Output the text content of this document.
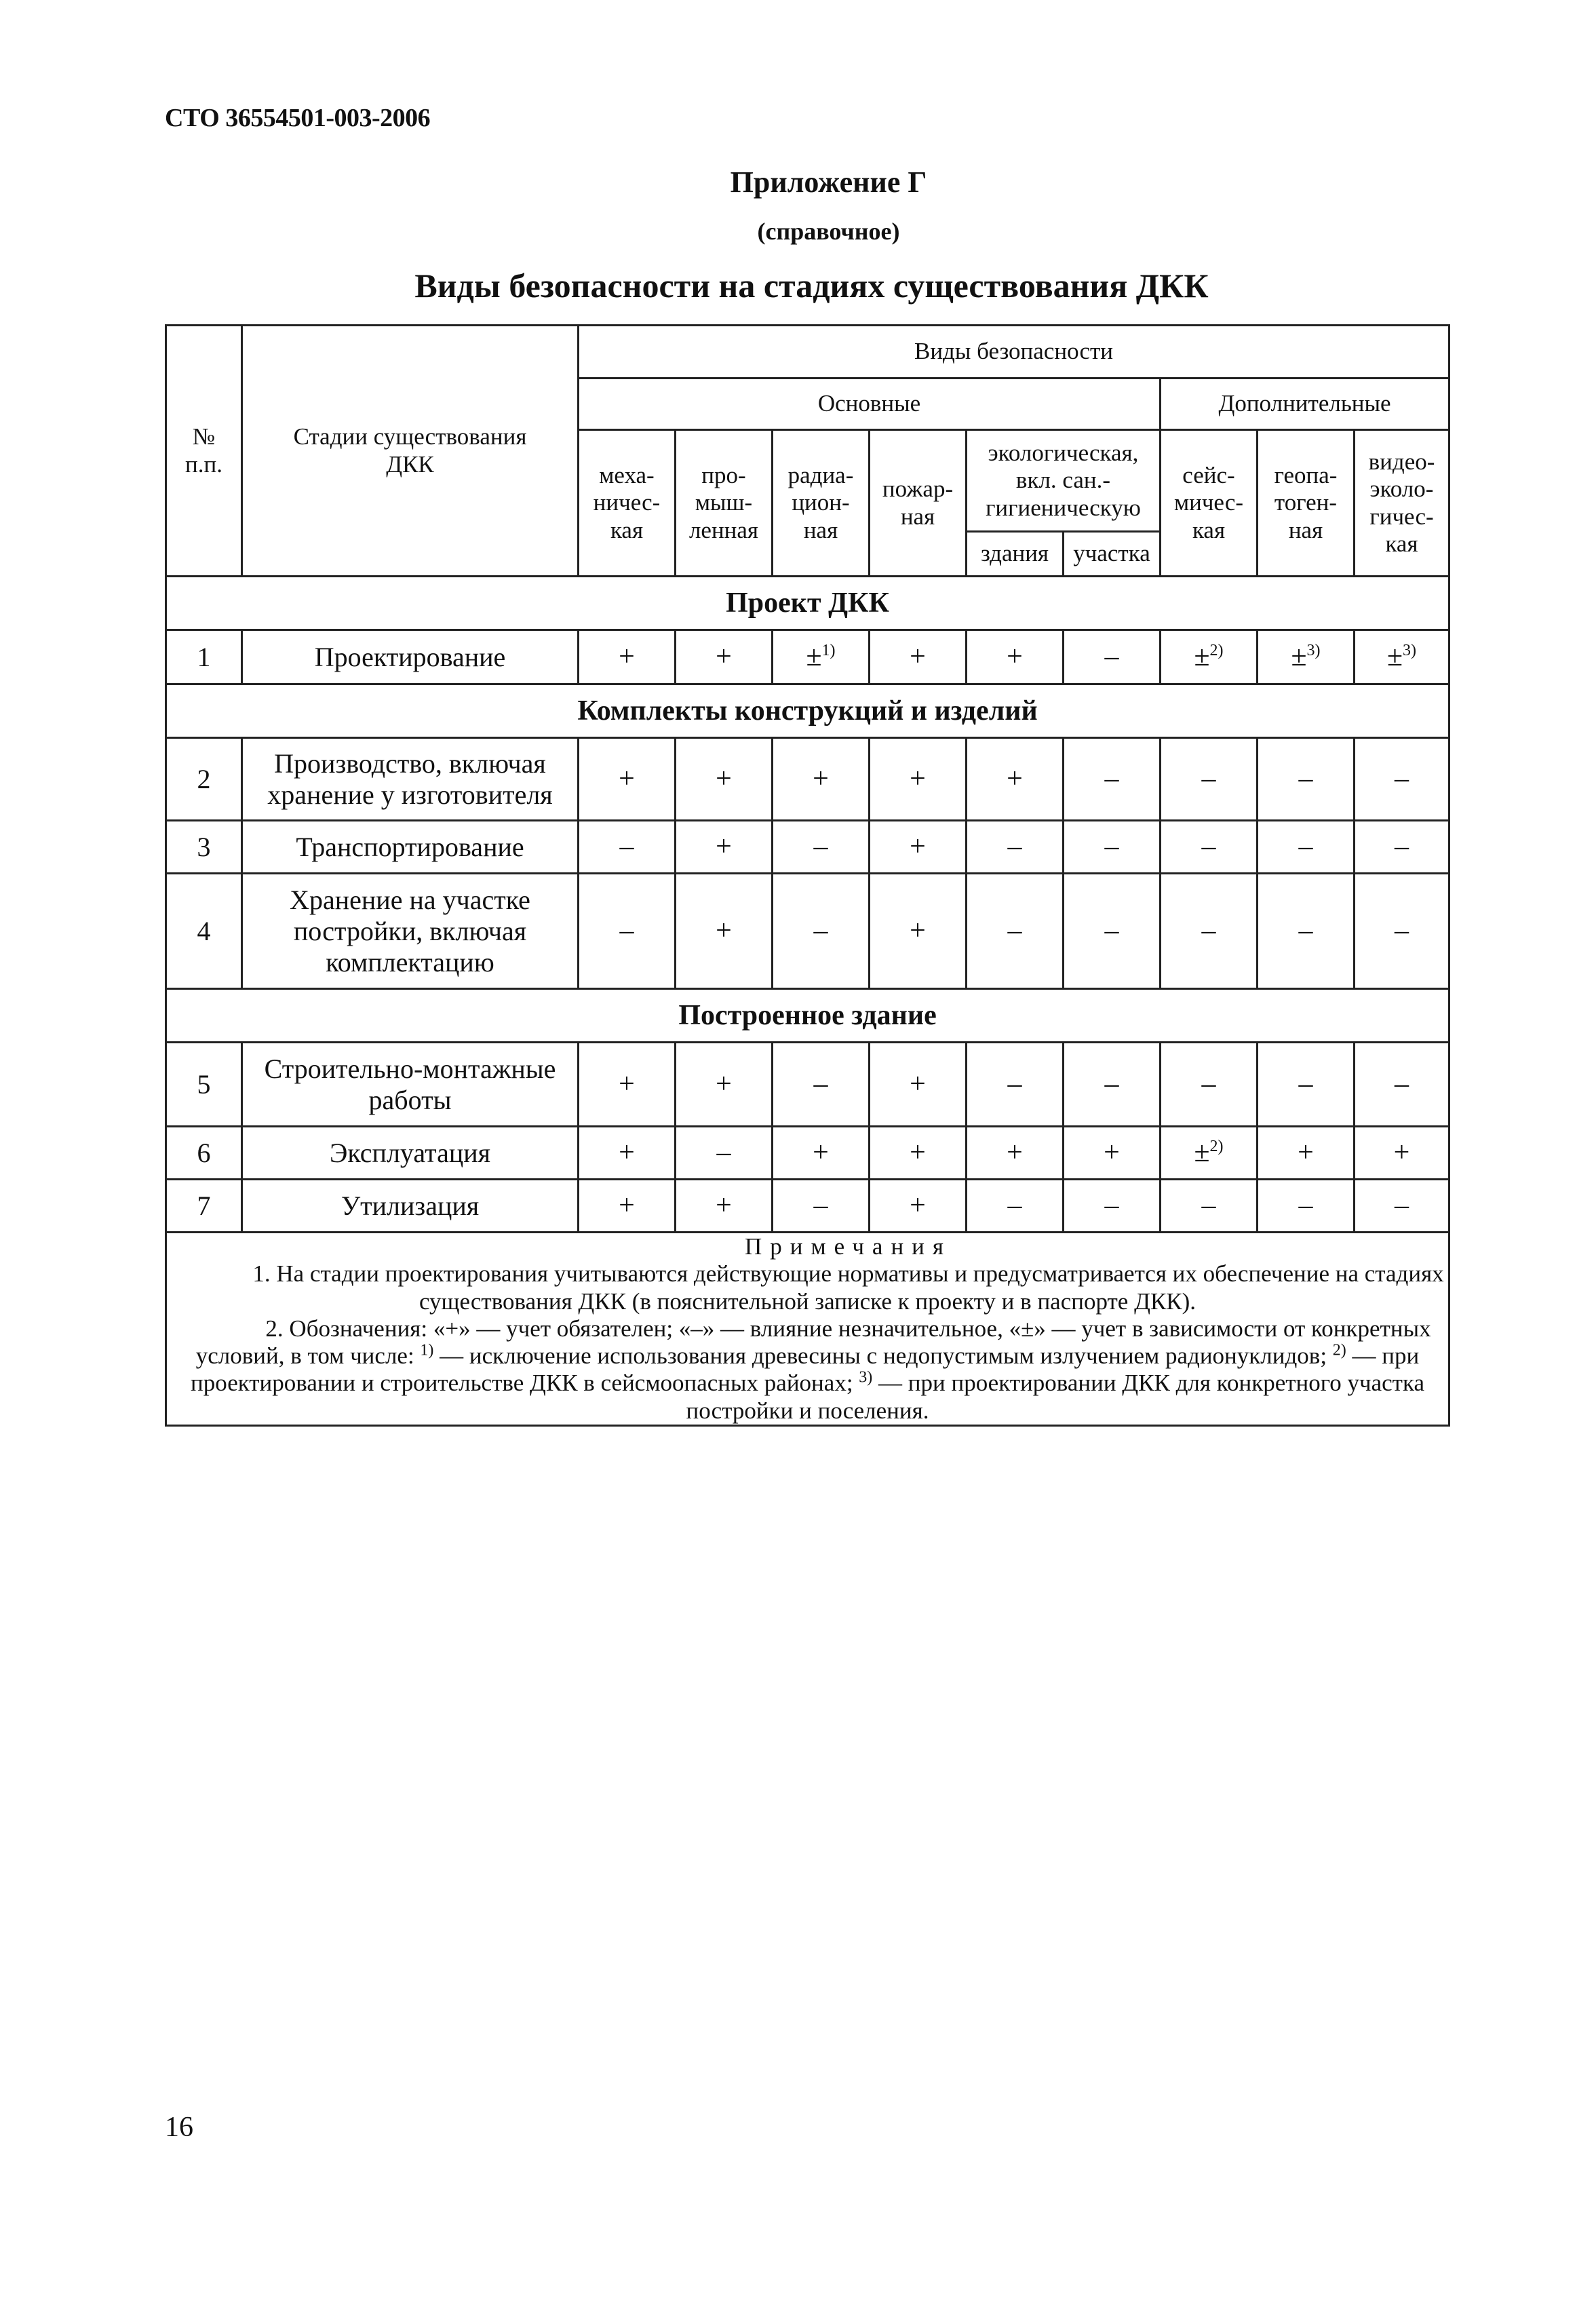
СТО 36554501-003-2006
Приложение Г
(справочное)
Виды безопасности на стадиях существования ДКК
№ п.п.	Стадии существования ДКК	Виды безопасности								
		Основные						Дополнительные		
		меха-ничес-кая	про-мыш-ленная	радиа-цион-ная	пожар-ная	экологическая, вкл. сан.-гигиеническую		сейс-мичес-кая	геопа-тоген-ная	видео-эколо-гичес-кая
						здания	участка			
Проект ДКК										
1	Проектирование	+	+	±$^{1)}$	+	+	–	±$^{2)}$	±$^{3)}$	±$^{3)}$
Комплекты конструкций и изделий										
2	Производство, включая хранение у изготовителя	+	+	+	+	+	–	–	–	–
3	Транспортирование	–	+	–	+	–	–	–	–	–
4	Хранение на участке постройки, включая комплектацию	–	+	–	+	–	–	–	–	–
Построенное здание										
5	Строительно-монтажные работы	+	+	–	+	–	–	–	–	–
6	Эксплуатация	+	–	+	+	+	+	±$^{2)}$	+	+
7	Утилизация	+	+	–	+	–	–	–	–	–

Примечания

1. На стадии проектирования учитываются действующие нормативы и предусматривается их обеспечение на стадиях существования ДКК (в пояснительной записке к проекту и в паспорте ДКК).

2. Обозначения: «+» — учет обязателен; «–» — влияние незначительное, «±» — учет в зависимости от конкретных условий, в том числе: $^{1)}$ — исключение использования древесины с недопустимым излучением радионуклидов; $^{2)}$ — при проектировании и строительстве ДКК в сейсмоопасных районах; $^{3)}$ — при проектировании ДКК для конкретного участка постройки и поселения.										

16
